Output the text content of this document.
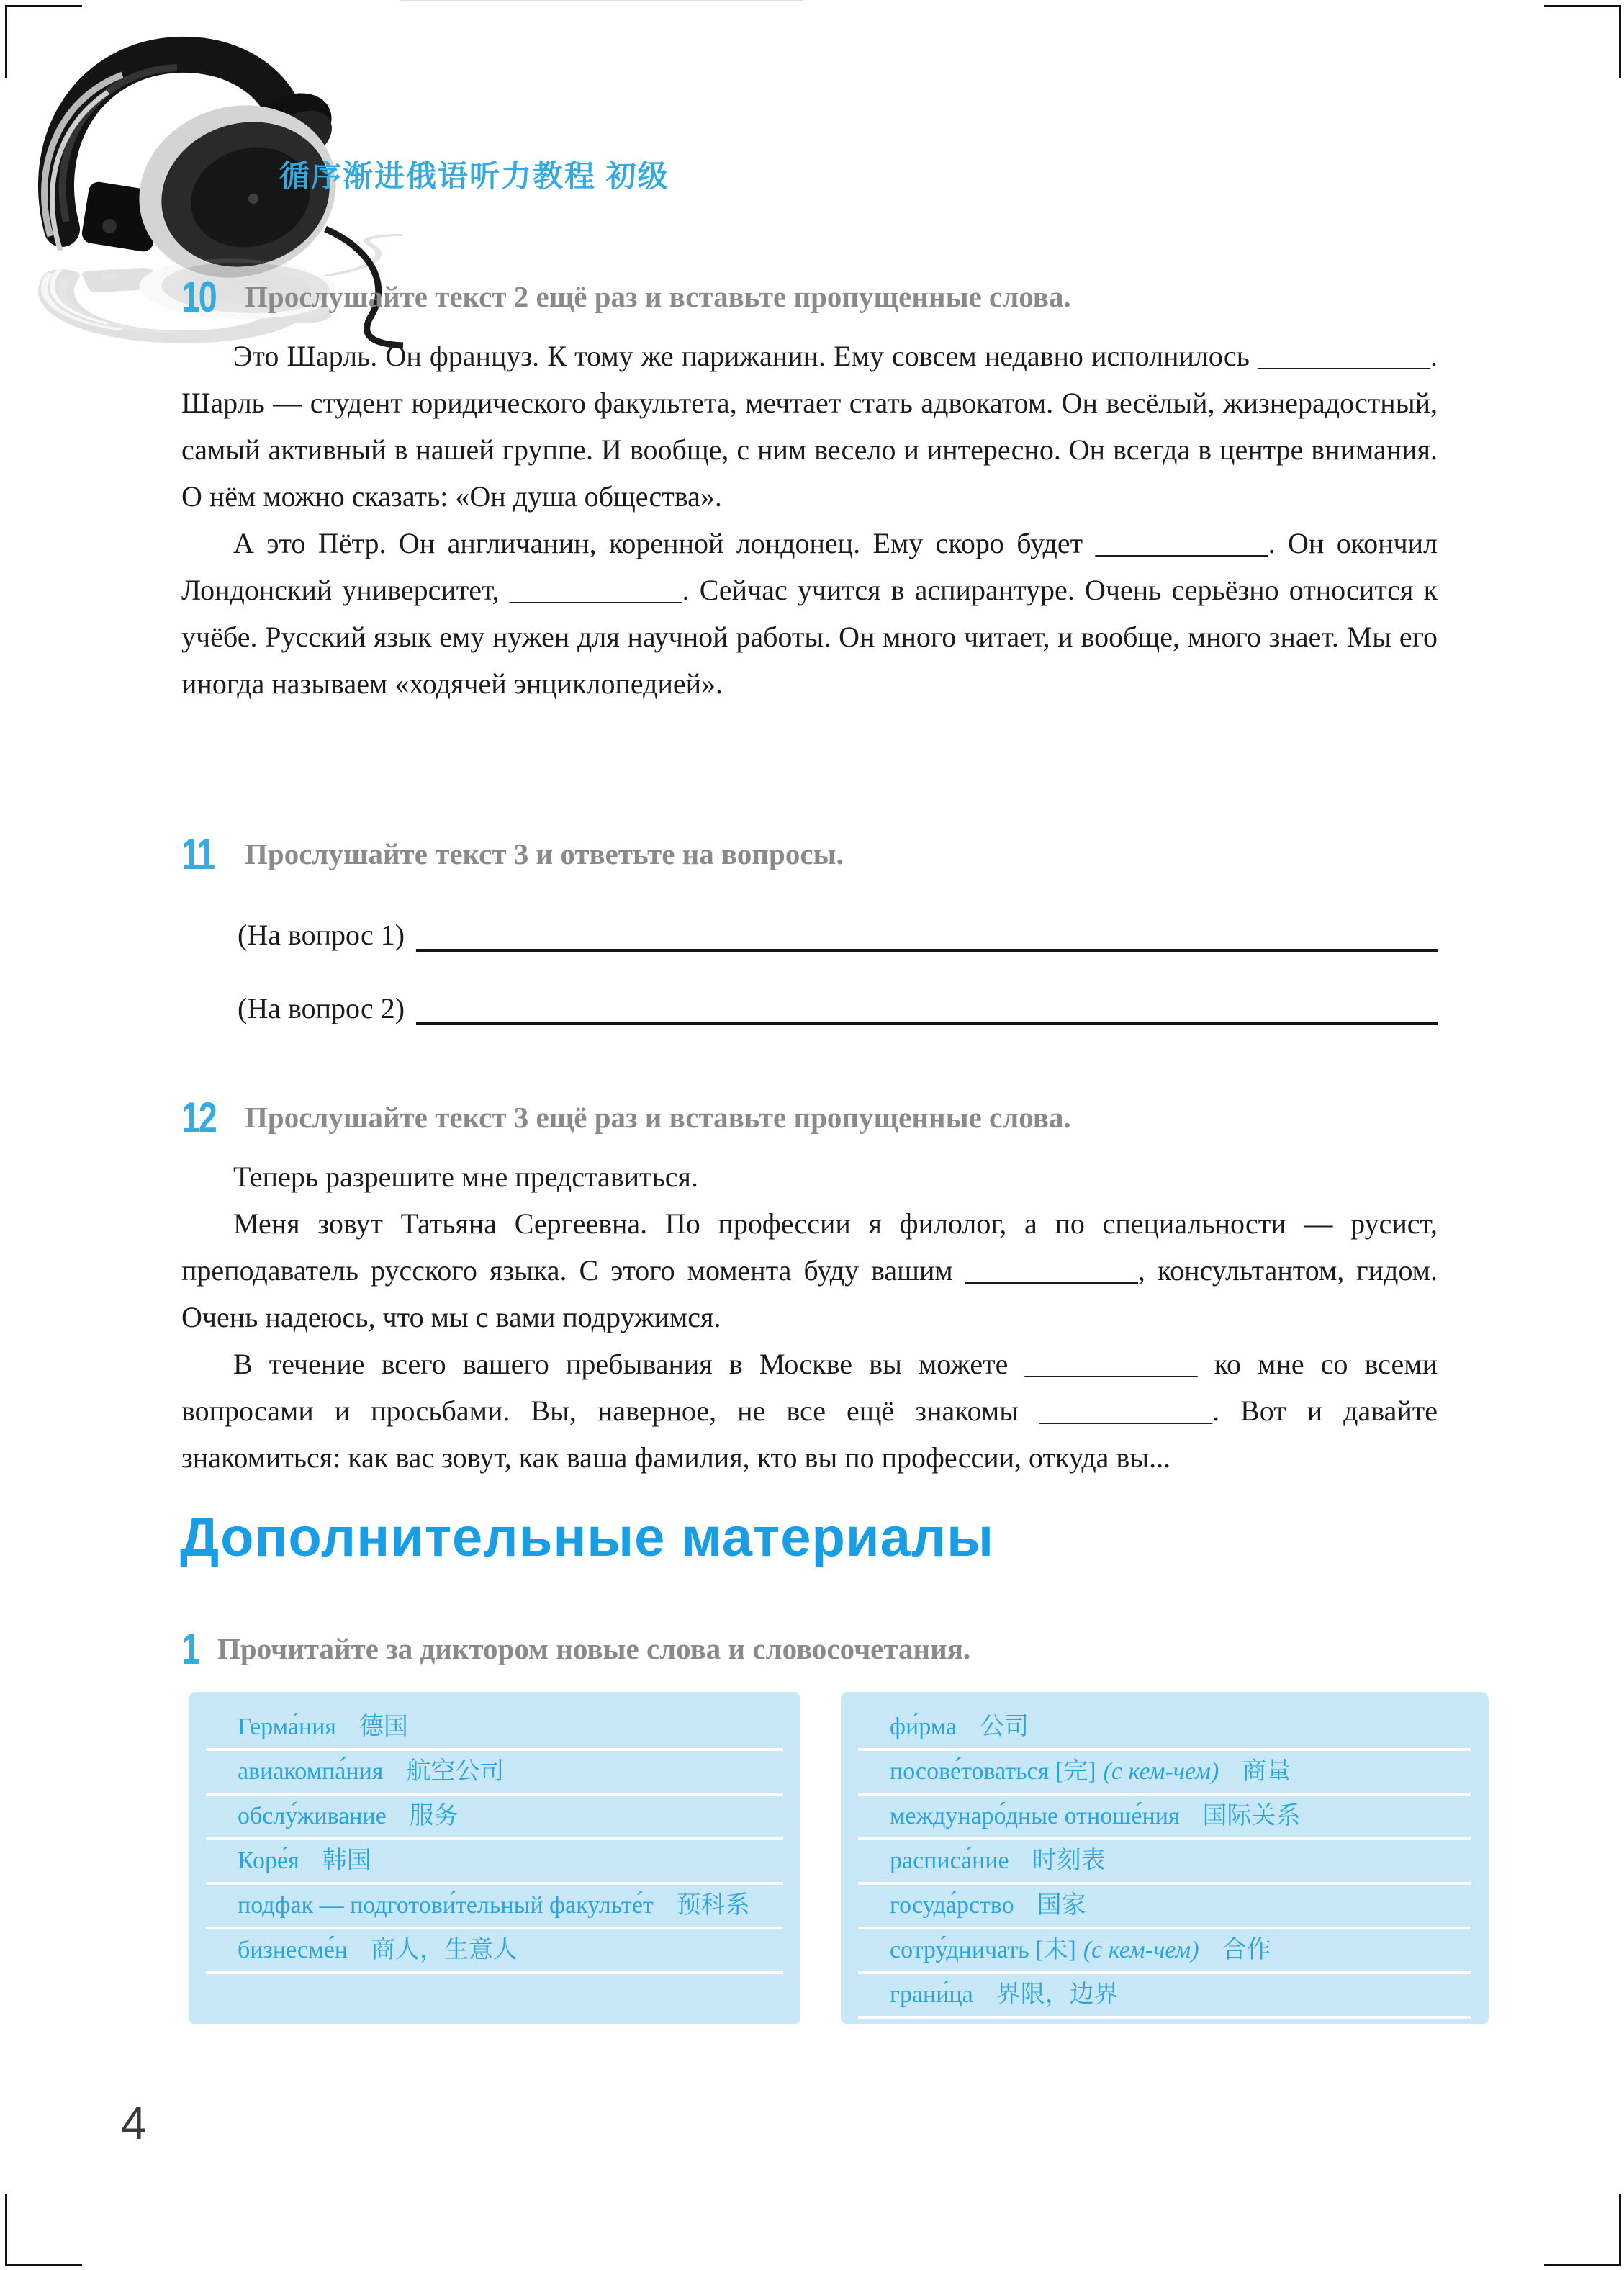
循序渐进俄语听力教程 初级
10 Прослушайте текст 2 ещё раз и вставьте пропущенные слова.

Это Шарль. Он француз. К тому же парижанин. Ему совсем недавно исполнилось ____________. Шарль — студент юридического факультета, мечтает стать адвокатом. Он весёлый, жизнерадостный, самый активный в нашей группе. И вообще, с ним весело и интересно. Он всегда в центре внимания. О нём можно сказать: «Он душа общества».

А это Пётр. Он англичанин, коренной лондонец. Ему скоро будет ____________. Он окончил Лондонский университет, ____________. Сейчас учится в аспирантуре. Очень серьёзно относится к учёбе. Русский язык ему нужен для научной работы. Он много читает, и вообще, много знает. Мы его иногда называем «ходячей энциклопедией».

11	Прослушайте текст 3 и ответьте на вопросы.
(На вопрос 1)
(На вопрос 2)
12 Прослушайте текст 3 ещё раз и вставьте пропущенные слова.

Теперь разрешите мне представиться.

Меня зовут Татьяна Сергеевна. По профессии я филолог, а по специальности — русист, преподаватель русского языка. С этого момента буду вашим ____________, консультантом, гидом. Очень надеюсь, что мы с вами подружимся.

В течение всего вашего пребывания в Москве вы можете ____________ ко мне со всеми вопросами и просьбами. Вы, наверное, не все ещё знакомы ____________. Вот и давайте знакомиться: как вас зовут, как ваша фамилия, кто вы по профессии, откуда вы...

Дополнительные материалы
1 Прочитайте за диктором новые слова и словосочетания.
Герма́ния 德国
авиакомпа́ния 航空公司
обслу́живание 服务
Коре́я 韩国
подфак — подготови́тельный факульте́т 预科系
бизнесме́н 商人，生意人
фи́рма 公司
посове́товаться [完] (с кем-чем) 商量
междунаро́дные отноше́ния 国际关系
расписа́ние 时刻表
госуда́рство 国家
сотру́дничать [未] (с кем-чем) 合作
грани́ца 界限，边界
4
